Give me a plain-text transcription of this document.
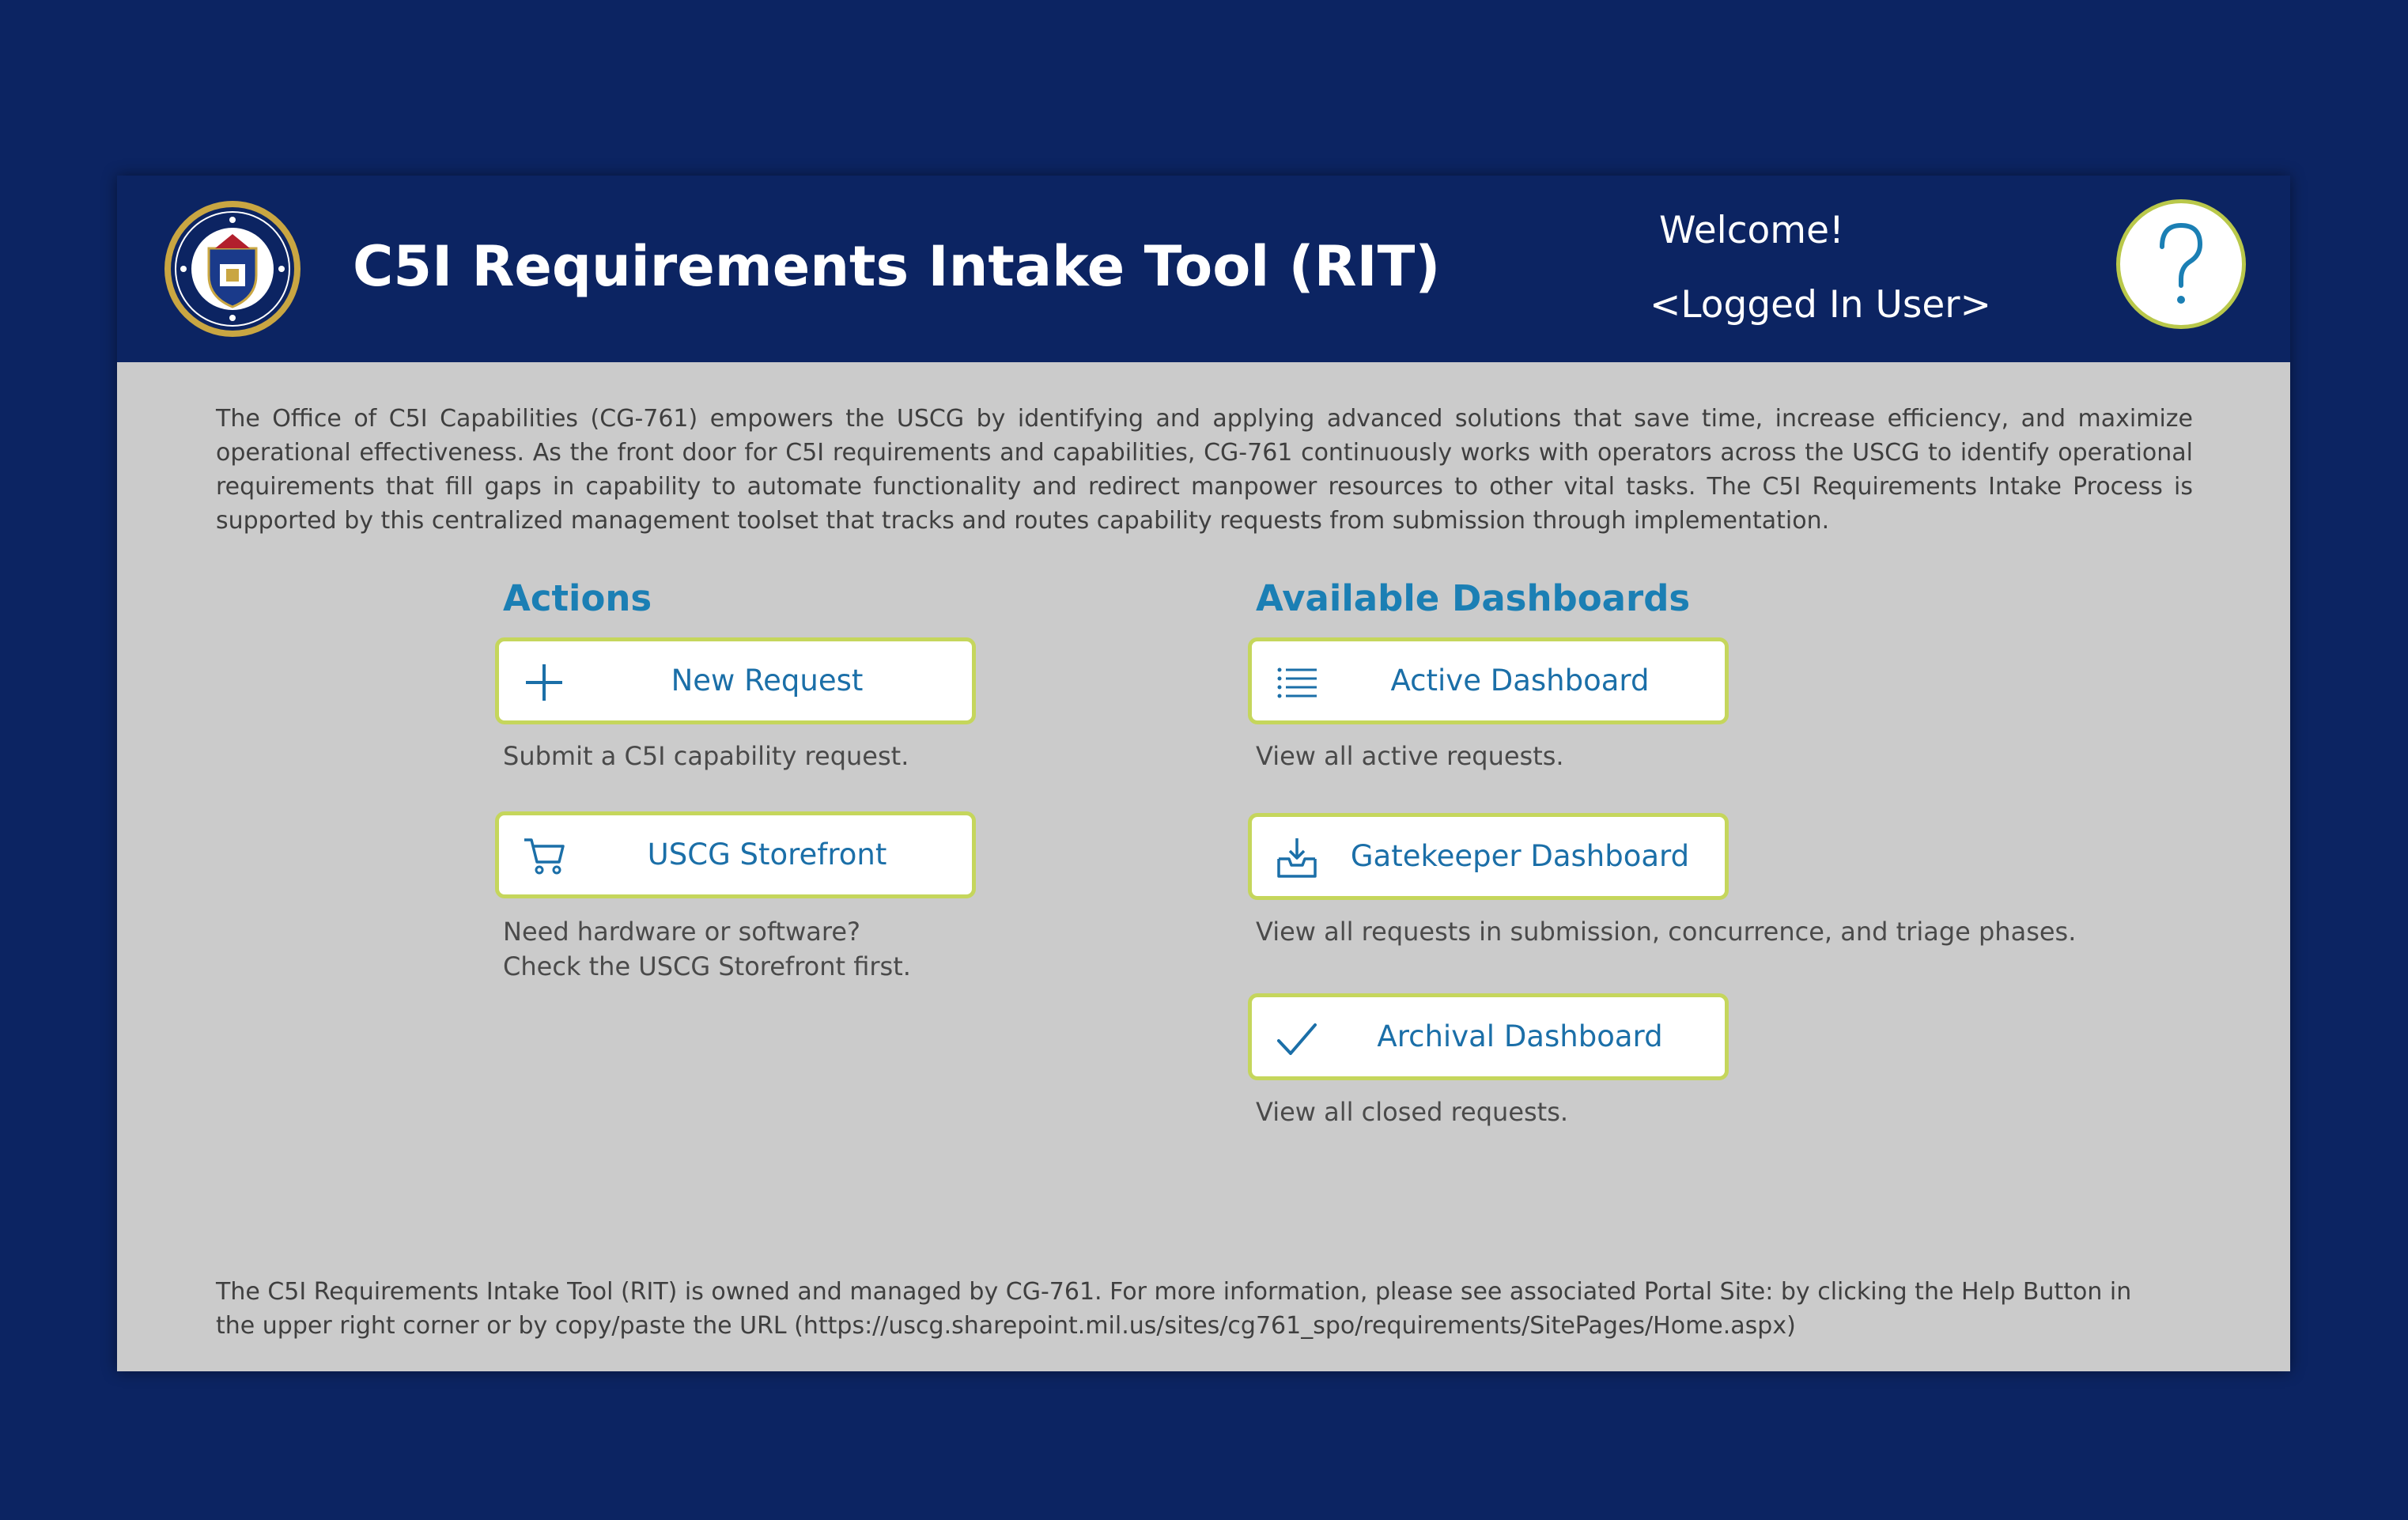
C5I Requirements Intake Tool (RIT)
Welcome!
<Logged In User>
The Office of C5I Capabilities (CG-761) empowers the USCG by identifying and applying advanced solutions that save time, increase efficiency, and maximize operational effectiveness. As the front door for C5I requirements and capabilities, CG-761 continuously works with operators across the USCG to identify operational requirements that fill gaps in capability to automate functionality and redirect manpower resources to other vital tasks. The C5I Requirements Intake Process is supported by this centralized management toolset that tracks and routes capability requests from submission through implementation.
Actions
New Request
Submit a C5I capability request.
USCG Storefront
Need hardware or software?
Check the USCG Storefront first.
Available Dashboards
Active Dashboard
View all active requests.
Gatekeeper Dashboard
View all requests in submission, concurrence, and triage phases.
Archival Dashboard
View all closed requests.
The C5I Requirements Intake Tool (RIT) is owned and managed by CG-761. For more information, please see associated Portal Site: by clicking the Help Button in
the upper right corner or by copy/paste the URL (https://uscg.sharepoint.mil.us/sites/cg761_spo/requirements/SitePages/Home.aspx)
